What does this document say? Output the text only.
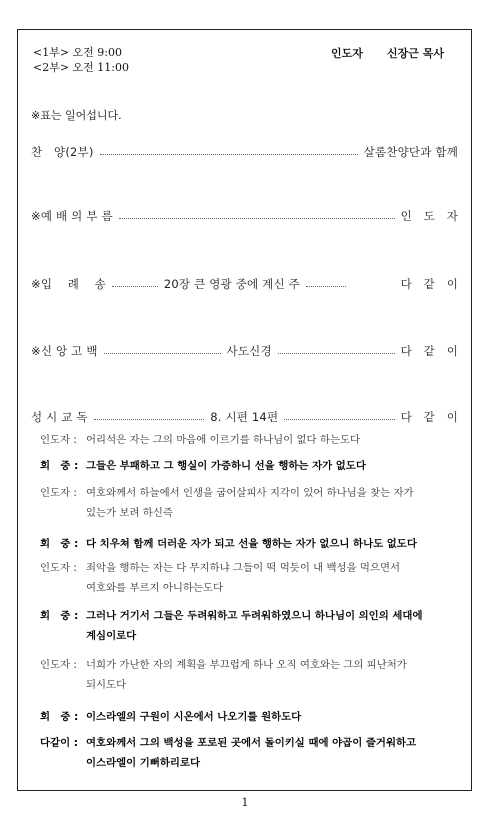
<1부> 오전 9:00
<2부> 오전 11:00
인도자 신장근 목사
※표는 일어섭니다.
찬　양(2부)	살롬찬양단과 함께
※예 배 의 부 름	인　도　자
※입　 례　 송	20장 큰 영광 중에 계신 주	다　같　이
※신 앙 고 백	사도신경	다　같　이
성 시 교 독	8. 시편 14편	다　같　이
인도자 : 어리석은 자는 그의 마음에 이르기를 하나님이 없다 하는도다
회　중 : 그들은 부패하고 그 행실이 가증하니 선을 행하는 자가 없도다
인도자 : 여호와께서 하늘에서 인생을 굽어살피사 지각이 있어 하나님을 찾는 자가
있는가 보려 하신즉
회　중 : 다 치우쳐 함께 더러운 자가 되고 선을 행하는 자가 없으니 하나도 없도다
인도자 : 죄악을 행하는 자는 다 무지하냐 그들이 떡 먹듯이 내 백성을 먹으면서
여호와를 부르지 아니하는도다
회　중 : 그러나 거기서 그들은 두려워하고 두려워하였으니 하나님이 의인의 세대에
계심이로다
인도자 : 너희가 가난한 자의 계획을 부끄럽게 하나 오직 여호와는 그의 피난처가
되시도다
회　중 : 이스라엘의 구원이 시온에서 나오기를 원하도다
다같이 : 여호와께서 그의 백성을 포로된 곳에서 돌이키실 때에 야곱이 즐거워하고
이스라엘이 기뻐하리로다
1
